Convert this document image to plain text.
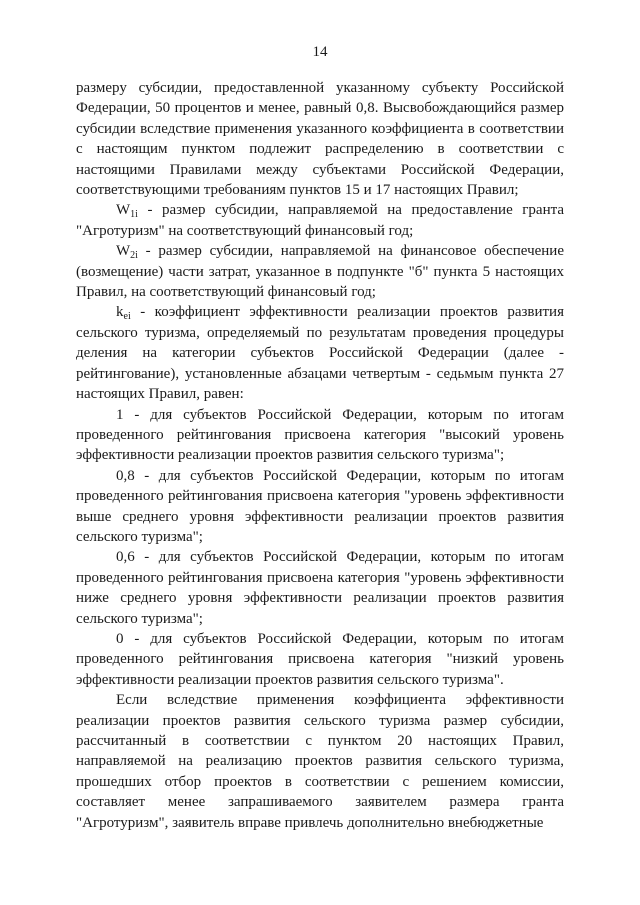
14

размеру субсидии, предоставленной указанному субъекту Российской Федерации, 50 процентов и менее, равный 0,8. Высвобождающийся размер субсидии вследствие применения указанного коэффициента в соответствии с настоящим пунктом подлежит распределению в соответствии с настоящими Правилами между субъектами Российской Федерации, соответствующими требованиям пунктов 15 и 17 настоящих Правил;

$W_{1i}$ - размер субсидии, направляемой на предоставление гранта "Агротуризм" на соответствующий финансовый год;

$W_{2i}$ - размер субсидии, направляемой на финансовое обеспечение (возмещение) части затрат, указанное в подпункте "б" пункта 5 настоящих Правил, на соответствующий финансовый год;

$k_{ei}$ - коэффициент эффективности реализации проектов развития сельского туризма, определяемый по результатам проведения процедуры деления на категории субъектов Российской Федерации (далее - рейтингование), установленные абзацами четвертым - седьмым пункта 27 настоящих Правил, равен:

1 - для субъектов Российской Федерации, которым по итогам проведенного рейтингования присвоена категория "высокий уровень эффективности реализации проектов развития сельского туризма";

0,8 - для субъектов Российской Федерации, которым по итогам проведенного рейтингования присвоена категория "уровень эффективности выше среднего уровня эффективности реализации проектов развития сельского туризма";

0,6 - для субъектов Российской Федерации, которым по итогам проведенного рейтингования присвоена категория "уровень эффективности ниже среднего уровня эффективности реализации проектов развития сельского туризма";

0 - для субъектов Российской Федерации, которым по итогам проведенного рейтингования присвоена категория "низкий уровень эффективности реализации проектов развития сельского туризма".

Если вследствие применения коэффициента эффективности реализации проектов развития сельского туризма размер субсидии, рассчитанный в соответствии с пунктом 20 настоящих Правил, направляемой на реализацию проектов развития сельского туризма, прошедших отбор проектов в соответствии с решением комиссии, составляет менее запрашиваемого заявителем размера гранта "Агротуризм", заявитель вправе привлечь дополнительно внебюджетные
